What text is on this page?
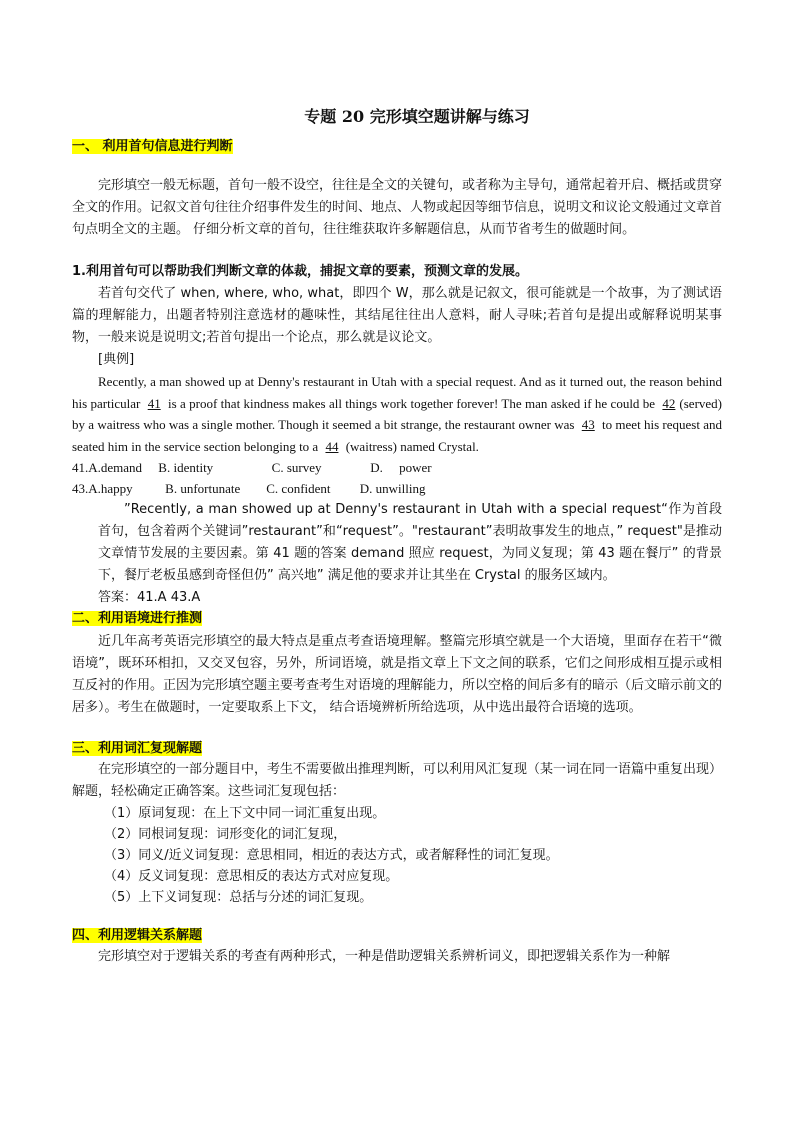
专题 20 完形填空题讲解与练习
一、 利用首句信息进行判断

完形填空一般无标题，首句一般不设空，往往是全文的关键句，或者称为主导句，通常起着开启、概括或贯穿全文的作用。记叙文首句往往介绍事件发生的时间、地点、人物或起因等细节信息，说明文和议论文般通过文章首句点明全文的主题。 仔细分析文章的首句，往往维获取许多解题信息，从而节省考生的做题时间。

1.利用首句可以帮助我们判断文章的体裁，捕捉文章的要素，预测文章的发展。

若首句交代了 when, where, who, what，即四个 W，那么就是记叙文，很可能就是一个故事，为了测试语篇的理解能力，出题者特别注意选材的趣味性，其结尾往往出人意料，耐人寻味;若首句是提出或解释说明某事物，一般来说是说明文;若首句提出一个论点，那么就是议论文。

[典例]

Recently, a man showed up at Denny's restaurant in Utah with a special request. And as it turned out, the reason behind his particular 41 is a proof that kindness makes all things work together forever! The man asked if he could be 42 (served) by a waitress who was a single mother. Though it seemed a bit strange, the restaurant owner was 43 to meet his request and seated him in the service section belonging to a 44 (waitress) named Crystal.

41.A.demand     B. identity                  C. survey               D.     power
43.A.happy          B. unfortunate        C. confident         D. unwilling

”Recently, a man showed up at Denny's restaurant in Utah with a special request“作为首段首句，包含着两个关键词”restaurant”和“request”。"restaurant”表明故事发生的地点，” request"是推动文章情节发展的主要因素。第 41 题的答案 demand 照应 request，为同义复现；第 43 题在餐厅” 的背景下，餐厅老板虽感到奇怪但仍” 高兴地” 满足他的要求并让其坐在 Crystal 的服务区域内。

答案：41.A 43.A

二、利用语境进行推测

近几年高考英语完形填空的最大特点是重点考查语境理解。整篇完形填空就是一个大语境，里面存在若干“微语境”，既环环相扣，又交叉包容，另外，所词语境，就是指文章上下文之间的联系，它们之间形成相互提示或相互反衬的作用。正因为完形填空题主要考查考生对语境的理解能力，所以空格的间后多有的暗示（后文暗示前文的居多）。考生在做题时，一定要取系上下文， 结合语境辨析所给选项，从中选出最符合语境的选项。

三、利用词汇复现解题

在完形填空的一部分题目中，考生不需要做出推理判断，可以利用风汇复现（某一词在同一语篇中重复出现）解题，轻松确定正确答案。这些词汇复现包括：

（1）原词复现：在上下文中同一词汇重复出现。
（2）同根词复现：词形变化的词汇复现，
（3）同义/近义词复现：意思相同，相近的表达方式，或者解释性的词汇复现。
（4）反义词复现：意思相反的表达方式对应复现。
（5）上下义词复现：总括与分述的词汇复现。
四、利用逻辑关系解题

完形填空对于逻辑关系的考查有两种形式，一种是借助逻辑关系辨析词义，即把逻辑关系作为一种解
